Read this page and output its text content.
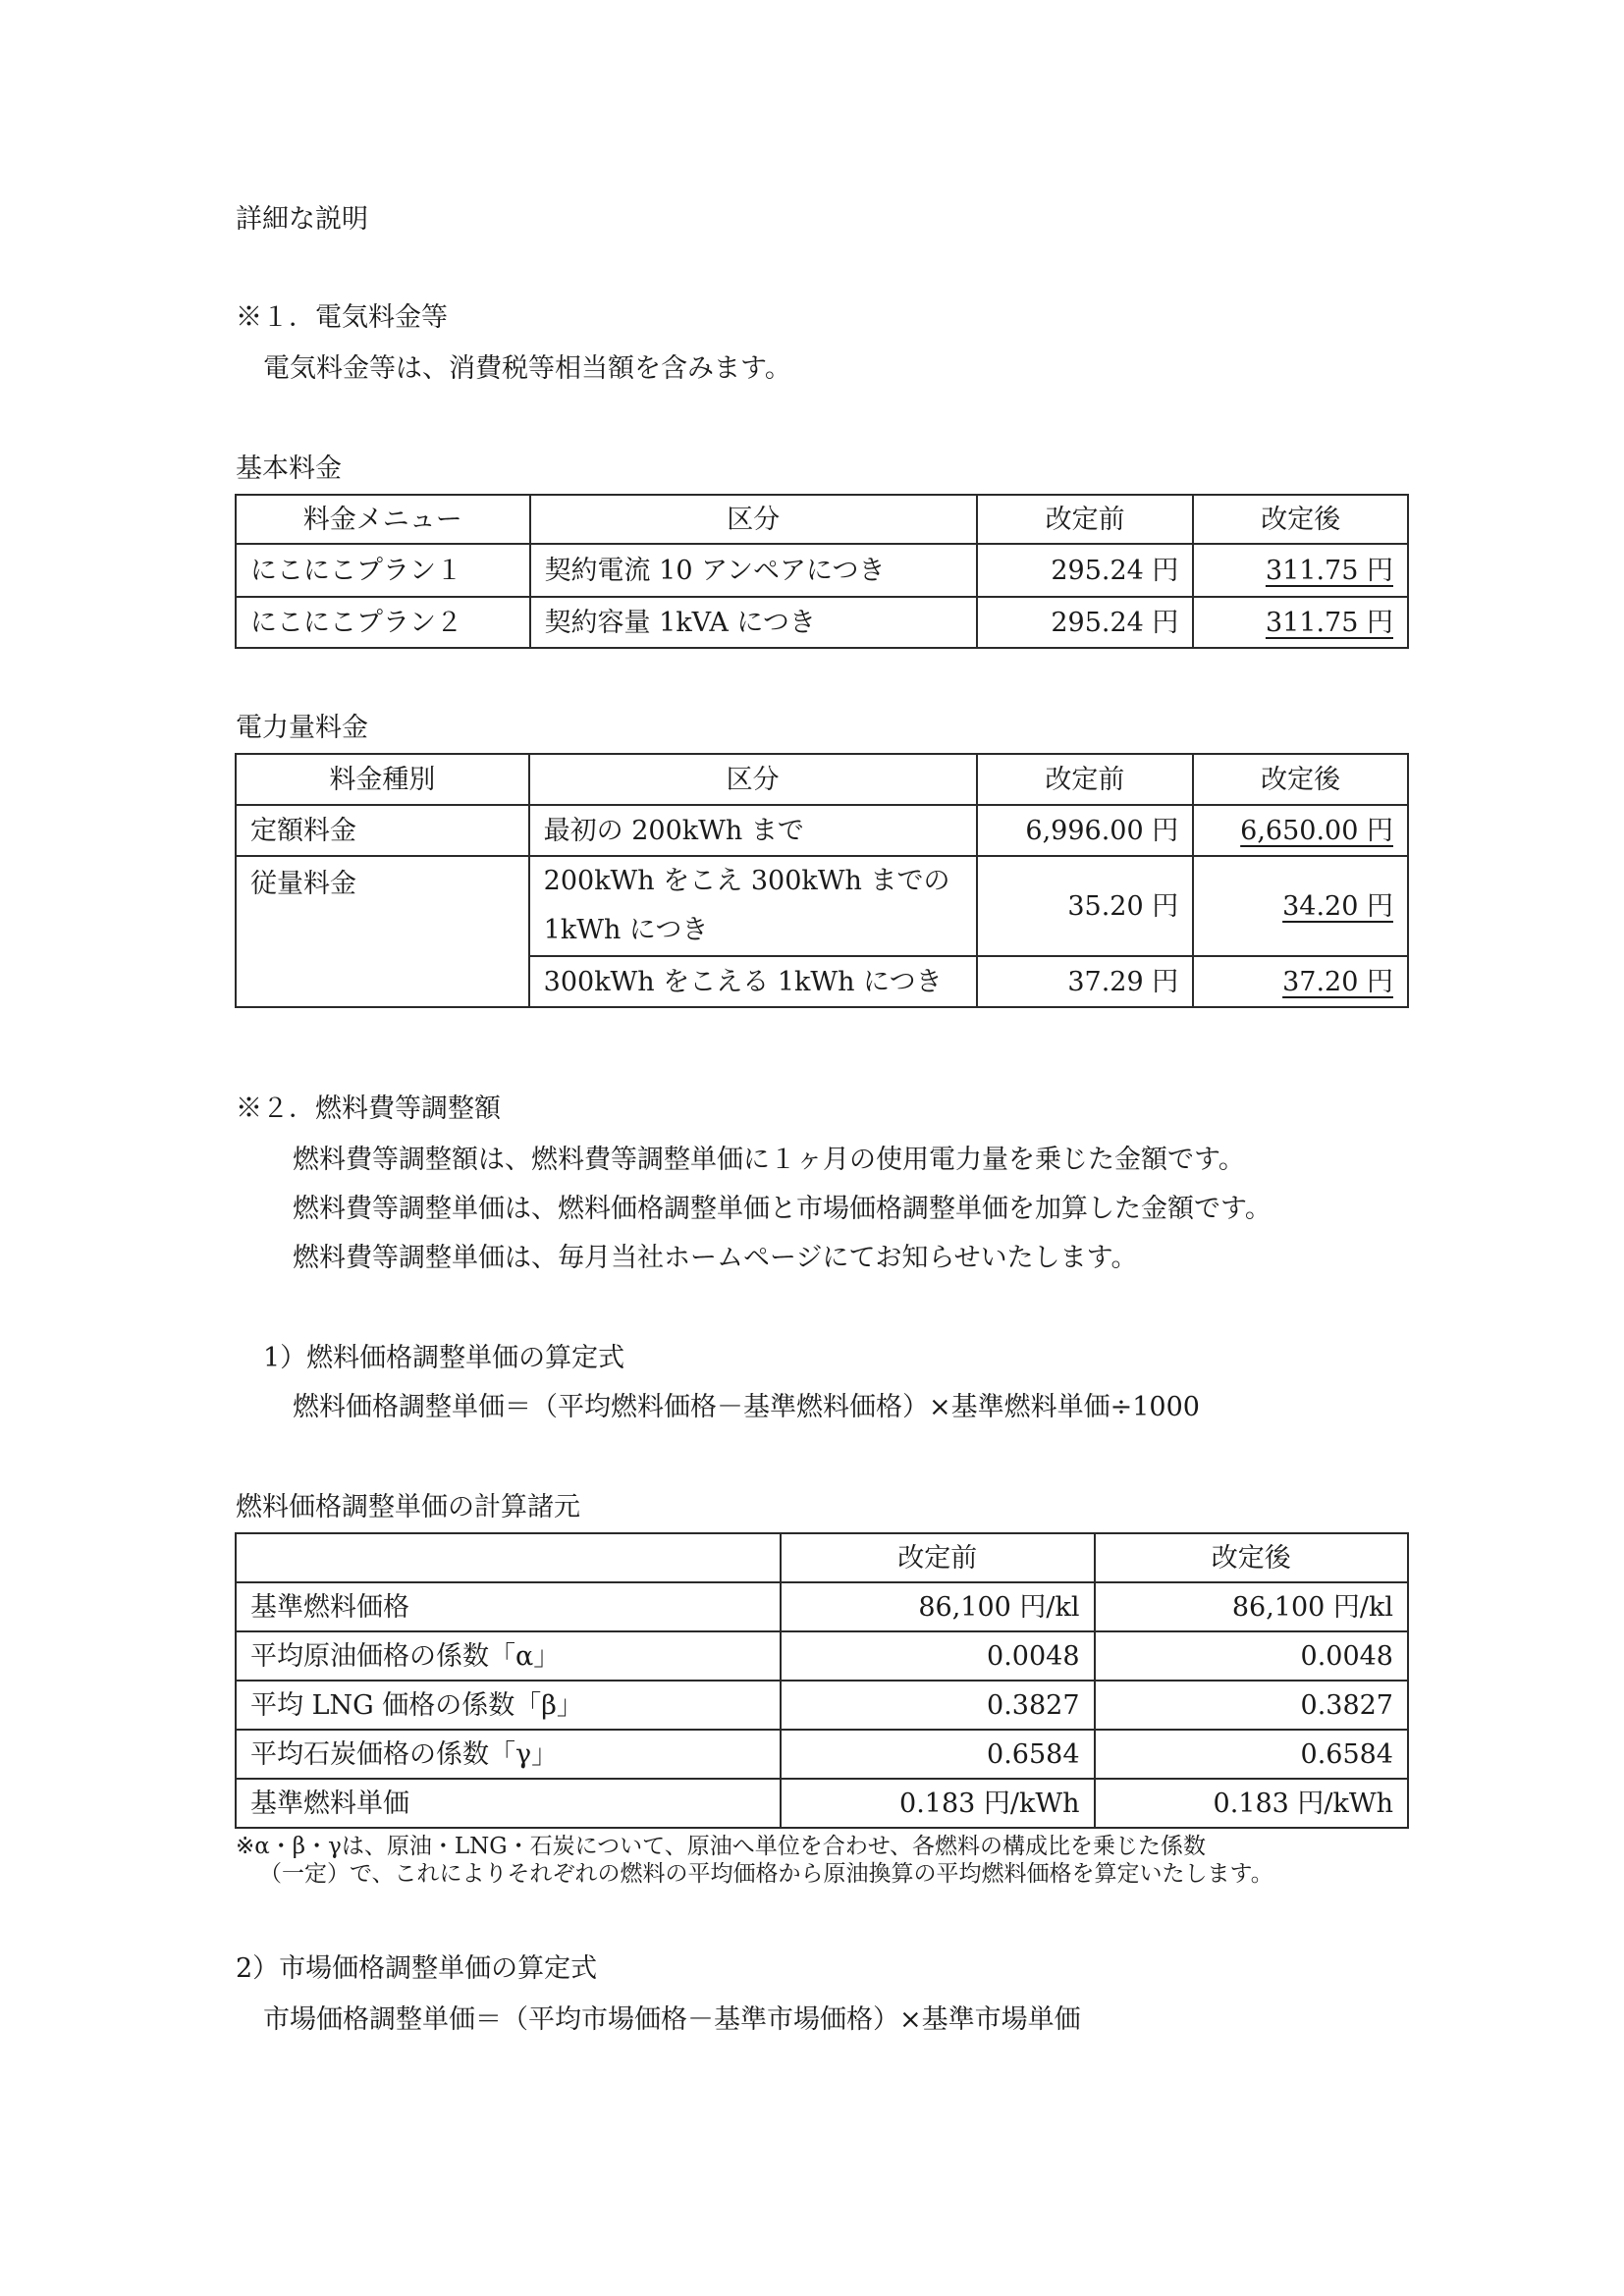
詳細な説明
※１．電気料金等
電気料金等は、消費税等相当額を含みます。
基本料金
料金メニュー	区分	改定前	改定後
にこにこプラン１	契約電流 10 アンペアにつき	295.24 円	311.75 円
にこにこプラン２	契約容量 1kVA につき	295.24 円	311.75 円
電力量料金
料金種別	区分	改定前	改定後
定額料金	最初の 200kWh まで	6,996.00 円	6,650.00 円
従量料金	200kWh をこえ 300kWh までの
1kWh につき	35.20 円	34.20 円
	300kWh をこえる 1kWh につき	37.29 円	37.20 円
※２．燃料費等調整額
燃料費等調整額は、燃料費等調整単価に１ヶ月の使用電力量を乗じた金額です。
燃料費等調整単価は、燃料価格調整単価と市場価格調整単価を加算した金額です。
燃料費等調整単価は、毎月当社ホームページにてお知らせいたします。
1）燃料価格調整単価の算定式
燃料価格調整単価＝（平均燃料価格－基準燃料価格）×基準燃料単価÷1000
燃料価格調整単価の計算諸元
	改定前	改定後
基準燃料価格	86,100 円/kl	86,100 円/kl
平均原油価格の係数「α」	0.0048	0.0048
平均 LNG 価格の係数「β」	0.3827	0.3827
平均石炭価格の係数「γ」	0.6584	0.6584
基準燃料単価	0.183 円/kWh	0.183 円/kWh
※α・β・γは、原油・LNG・石炭について、原油へ単位を合わせ、各燃料の構成比を乗じた係数
（一定）で、これによりそれぞれの燃料の平均価格から原油換算の平均燃料価格を算定いたします。
2）市場価格調整単価の算定式
市場価格調整単価＝（平均市場価格－基準市場価格）×基準市場単価
